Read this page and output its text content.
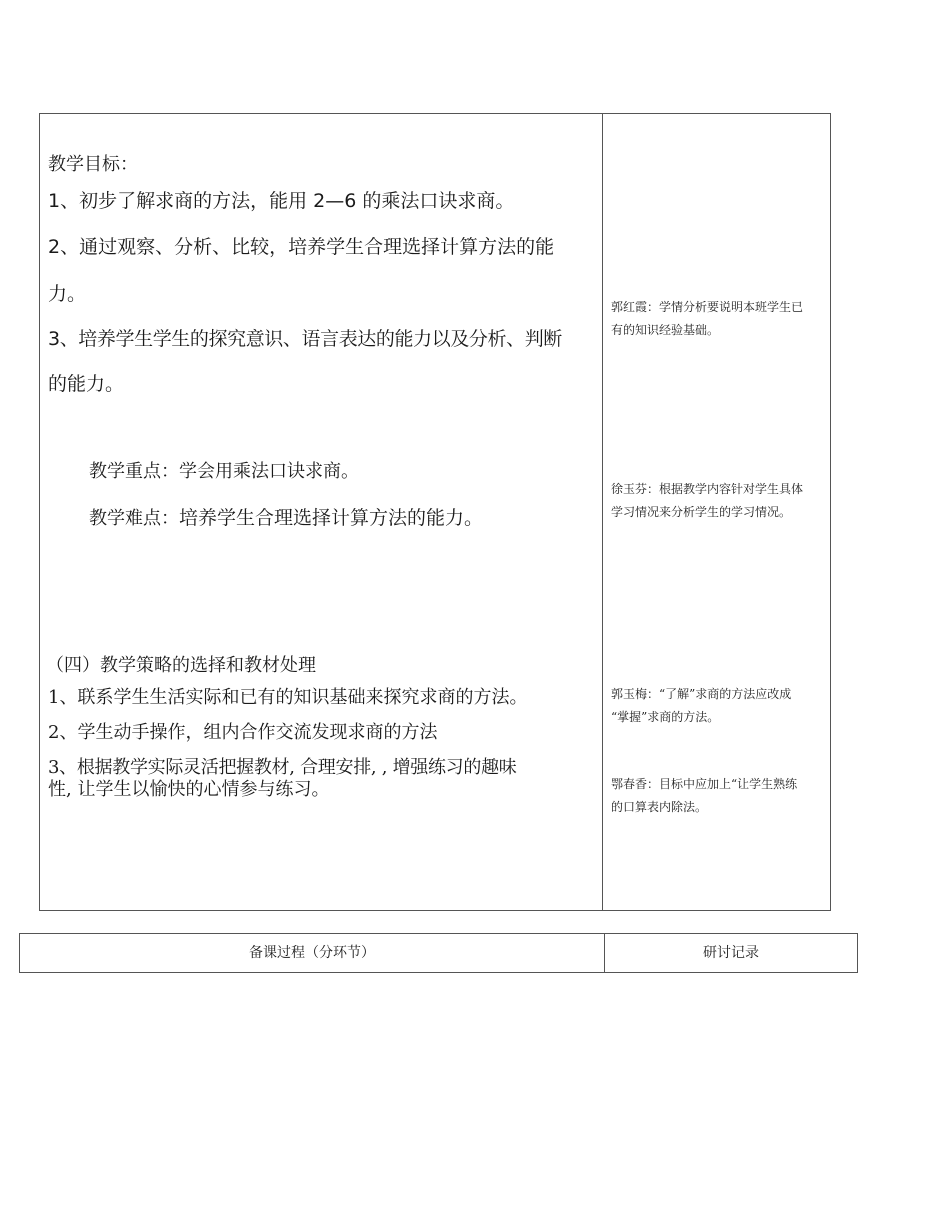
教学目标：
1、初步了解求商的方法，能用 2—6 的乘法口诀求商。
2、通过观察、分析、比较，培养学生合理选择计算方法的能
力。
3、培养学生学生的探究意识、语言表达的能力以及分析、判断
的能力。
教学重点：学会用乘法口诀求商。
教学难点：培养学生合理选择计算方法的能力。
（四）教学策略的选择和教材处理
1、联系学生生活实际和已有的知识基础来探究求商的方法。
2、学生动手操作，组内合作交流发现求商的方法
3、根据教学实际灵活把握教材, 合理安排, , 增强练习的趣味
性, 让学生以愉快的心情参与练习。
郭红霞：学情分析要说明本班学生已
有的知识经验基础。
徐玉芬：根据教学内容针对学生具体
学习情况来分析学生的学习情况。
郭玉梅：“了解”求商的方法应改成
“掌握”求商的方法。
鄂春香：目标中应加上“让学生熟练
的口算表内除法。
备课过程（分环节）	研讨记录
